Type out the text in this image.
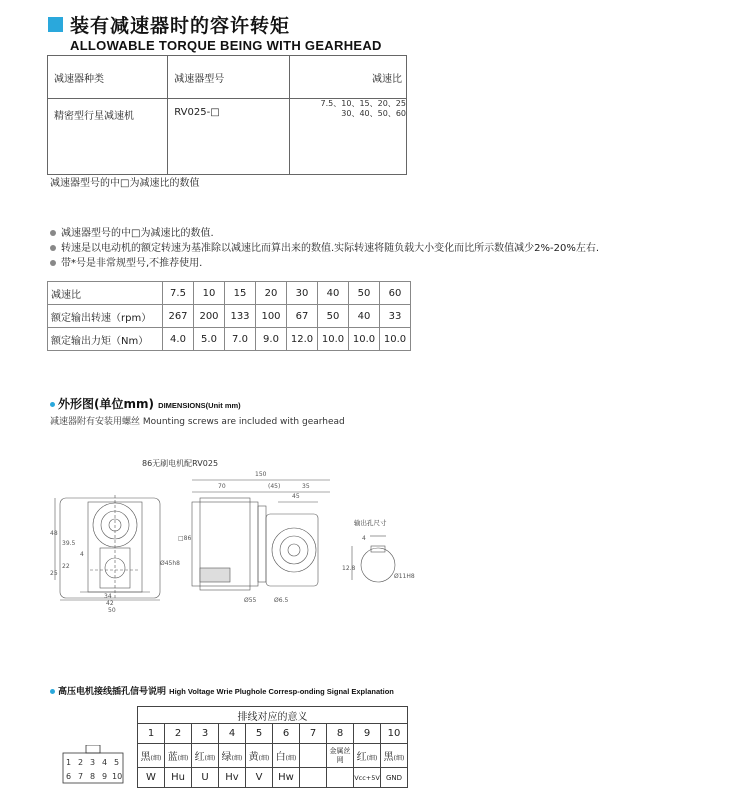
装有减速器时的容许转矩
ALLOWABLE TORQUE BEING WITH GEARHEAD
减速器种类	减速器型号	减速比
精密型行星减速机	RV025-□	7.5、10、15、20、25
30、40、50、60
减速器型号的中□为减速比的数值
减速器型号的中□为减速比的数值.
转速是以电动机的额定转速为基准除以减速比而算出来的数值.实际转速将随负载大小变化而比所示数值减少2%-20%左右.
带*号是非常规型号,不推荐使用.
减速比	7.5	10	15	20	30	40	50	60
额定输出转速（rpm）	267	200	133	100	67	50	40	33
额定输出力矩（Nm）	4.0	5.0	7.0	9.0	12.0	10.0	10.0	10.0
外形图(单位mm) DIMENSIONS(Unit mm)
减速器附有安装用螺丝 Mounting screws are included with gearhead
86无刷电机配RV025
48
39.5
25
22
4
34
42
50
Ø45h8
150
70	(45)	35
45
□86
Ø55	Ø6.5
输出孔尺寸
4
12.8
Ø11H8
高压电机接线插孔信号说明 High Voltage Wrie Plughole Corresp-onding Signal Explanation
1 2 3 4 5
6 7 8 9 10
排线对应的意义									
1	2	3	4	5	6	7	8	9	10
黑(细)	蓝(细)	红(细)	绿(细)	黄(细)	白(细)		金属丝网	红(细)	黑(细)
W	Hu	U	Hv	V	Hw			Vcc+5V	GND
